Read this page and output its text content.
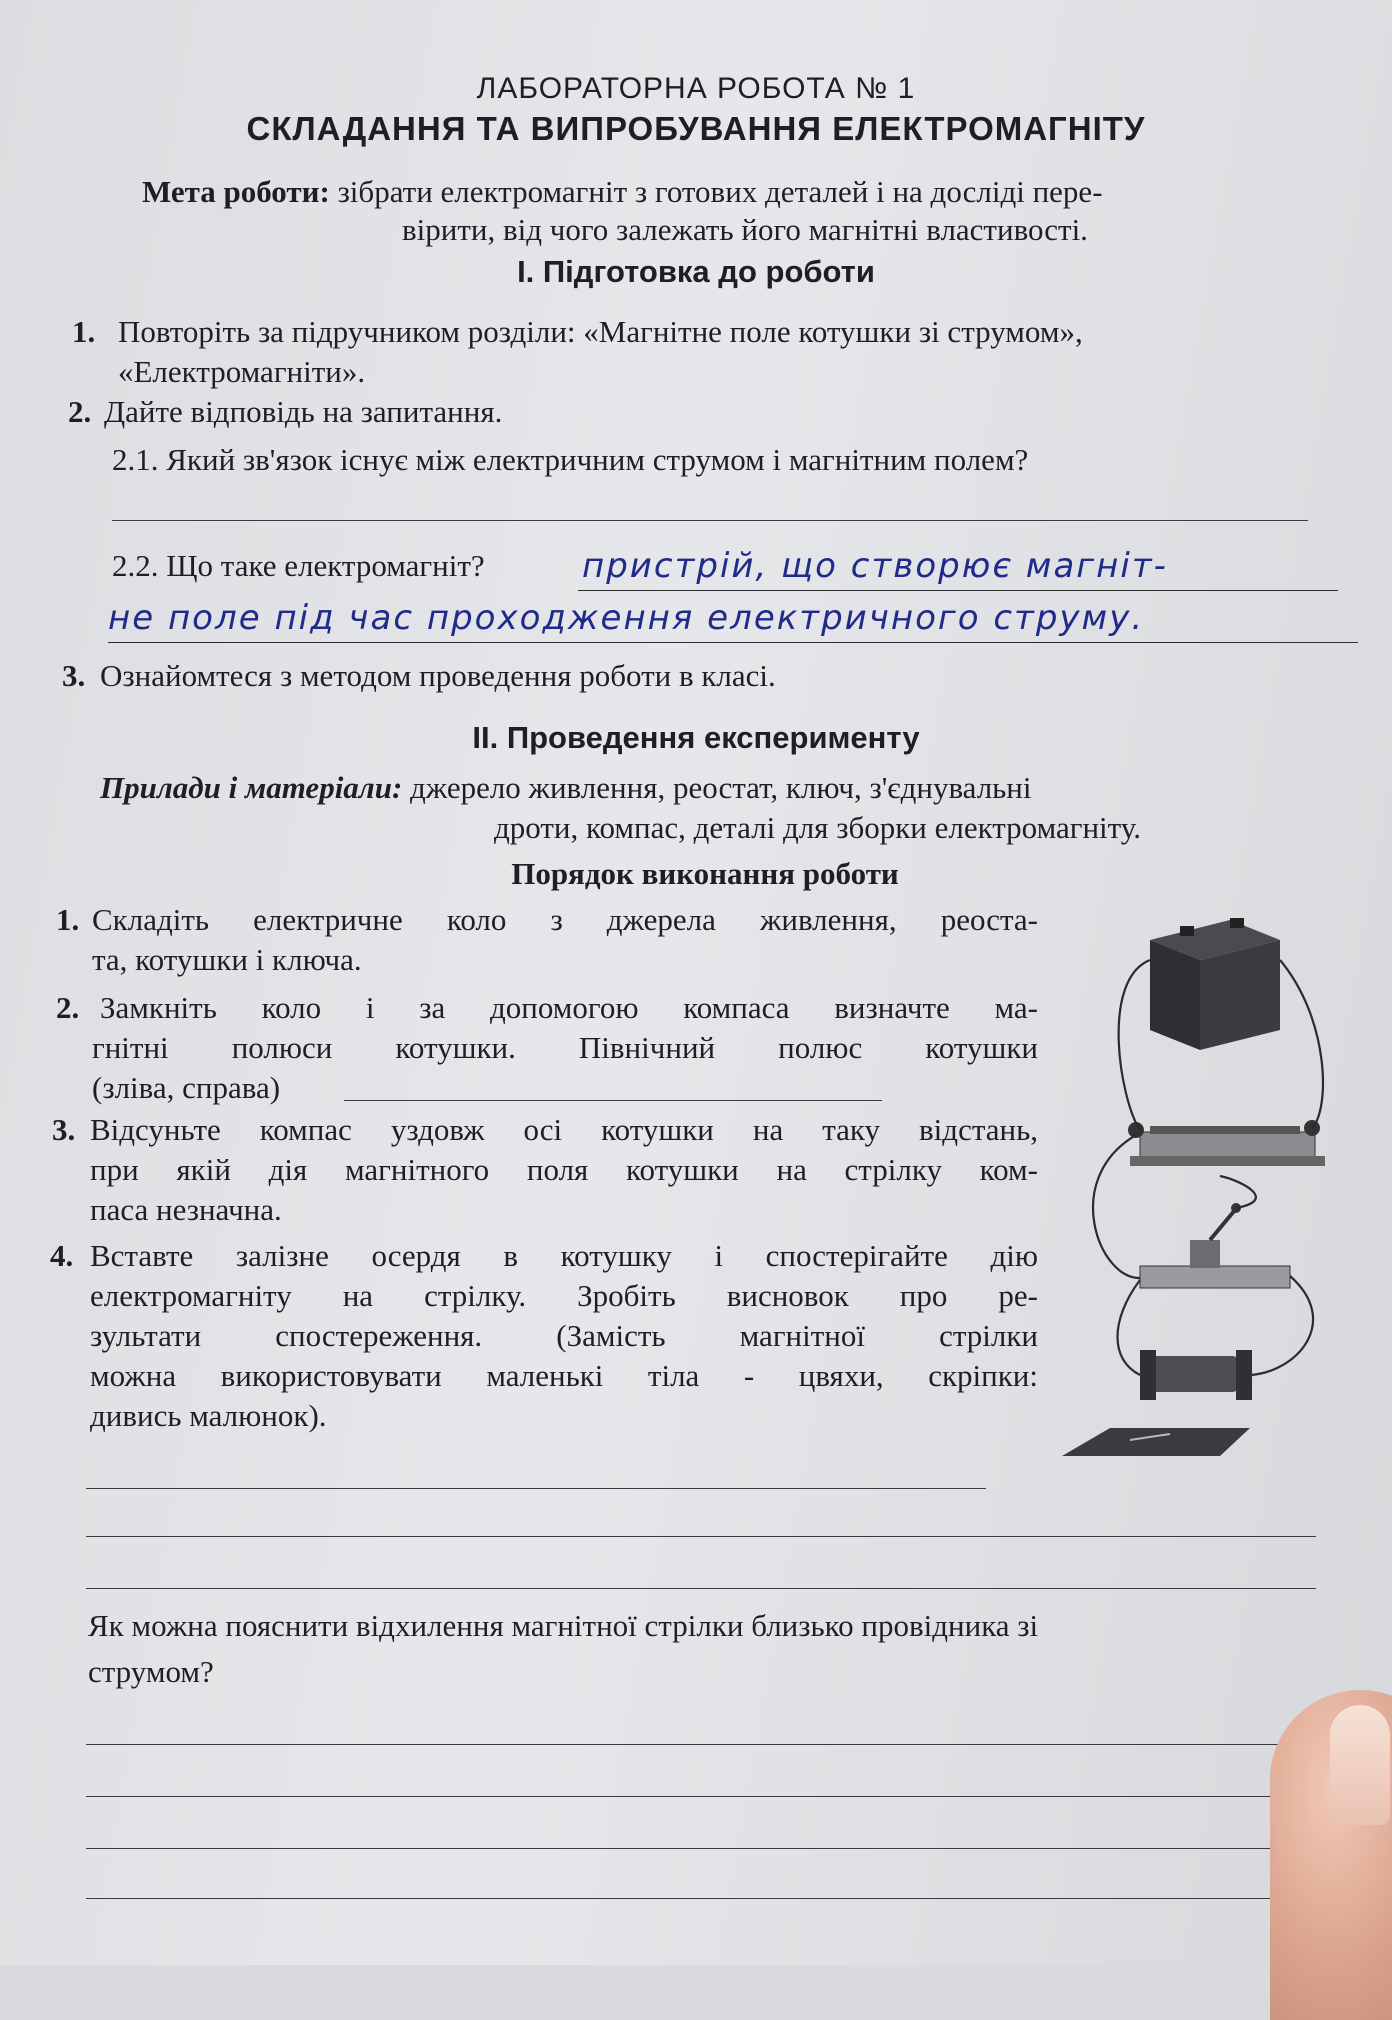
ЛАБОРАТОРНА РОБОТА № 1
СКЛАДАННЯ ТА ВИПРОБУВАННЯ ЕЛЕКТРОМАГНІТУ
Мета роботи: зібрати електромагніт з готових деталей і на досліді пере-
вірити, від чого залежать його магнітні властивості.
І. Підготовка до роботи
1. Повторіть за підручником розділи: «Магнітне поле котушки зі струмом»,
«Електромагніти».
2. Дайте відповідь на запитання.
2.1. Який зв'язок існує між електричним струмом і магнітним полем?
2.2. Що таке електромагніт?	пристрій, що створює магніт-
не поле під час проходження електричного струму.
3. Ознайомтеся з методом проведення роботи в класі.
ІІ. Проведення експерименту
Прилади і матеріали: джерело живлення, реостат, ключ, з'єднувальні
дроти, компас, деталі для зборки електромагніту.
Порядок виконання роботи
1. Складіть електричне коло з джерела живлення, реоста-
та, котушки і ключа.
2. Замкніть коло і за допомогою компаса визначте ма-
гнітні полюси котушки. Північний полюс котушки
(зліва, справа)
3. Відсуньте компас уздовж осі котушки на таку відстань,
при якій дія магнітного поля котушки на стрілку ком-
паса незначна.
4. Вставте залізне осердя в котушку і спостерігайте дію
електромагніту на стрілку. Зробіть висновок про ре-
зультати спостереження. (Замість магнітної стрілки
можна використовувати маленькі тіла - цвяхи, скріпки:
дивись малюнок).
Як можна пояснити відхилення магнітної стрілки близько провідника зі
струмом?
